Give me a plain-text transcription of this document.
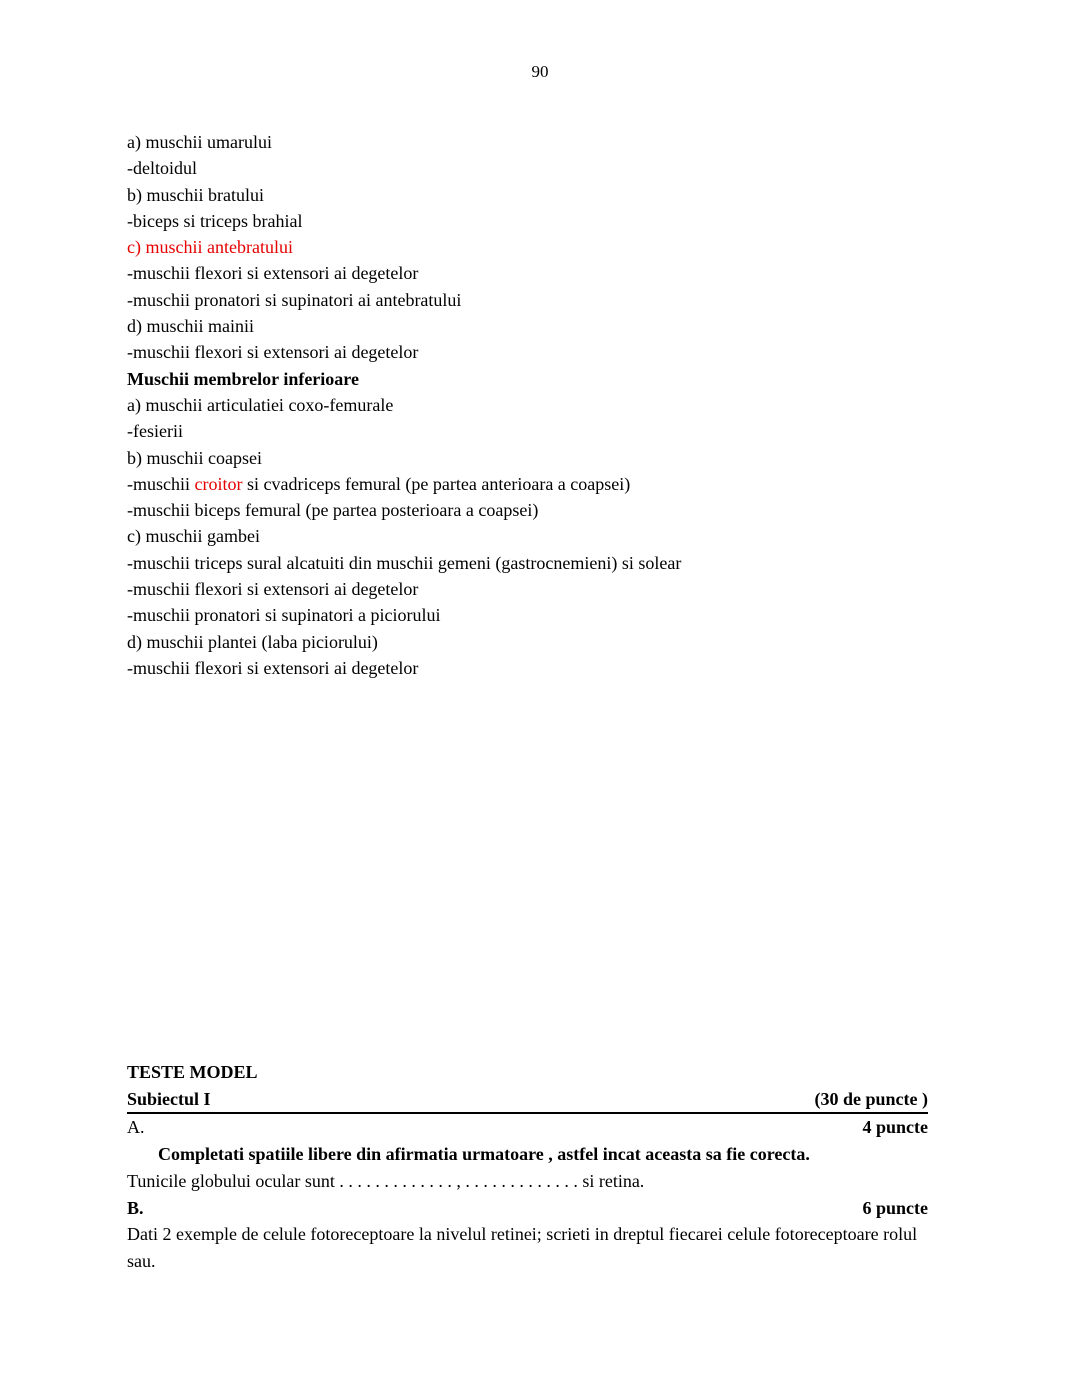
90
a) muschii umarului
-deltoidul
b) muschii bratului
-biceps si triceps brahial
c) muschii antebratului
-muschii flexori si extensori ai degetelor
-muschii pronatori si supinatori ai antebratului
d) muschii mainii
-muschii flexori si extensori ai degetelor
Muschii membrelor inferioare
a) muschii articulatiei coxo-femurale
-fesierii
b) muschii coapsei
-muschii croitor si cvadriceps femural (pe partea anterioara a coapsei)
-muschii biceps femural (pe partea posterioara a coapsei)
c) muschii gambei
-muschii triceps sural alcatuiti din muschii gemeni (gastrocnemieni) si solear
-muschii flexori si extensori ai degetelor
-muschii pronatori si supinatori a piciorului
d) muschii plantei (laba piciorului)
-muschii flexori si extensori ai degetelor
TESTE MODEL
Subiectul I	(30 de puncte )
A.	4 puncte
Completati spatiile libere din afirmatia urmatoare , astfel incat aceasta sa fie corecta.
Tunicile globului ocular sunt . . . . . . . . . . . . . , . . . . . . . . . . . . . si retina.
B.	6 puncte
Dati 2 exemple de celule fotoreceptoare la nivelul retinei; scrieti in dreptul fiecarei celule fotoreceptoare rolul sau.
